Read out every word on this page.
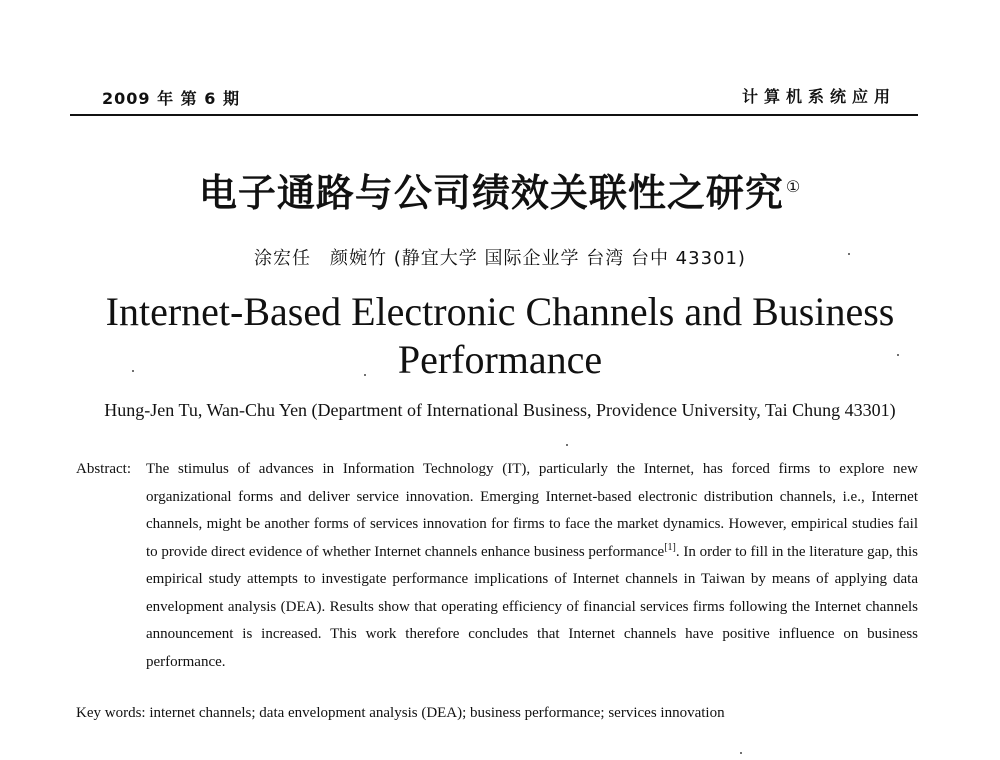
2009 年 第 6 期	计算机系统应用
电子通路与公司绩效关联性之研究 ①
涂宏任　颜婉竹 (静宜大学 国际企业学 台湾 台中 43301)
Internet-Based Electronic Channels and Business
Performance
Hung-Jen Tu, Wan-Chu Yen (Department of International Business, Providence University, Tai Chung 43301)
Abstract:	The stimulus of advances in Information Technology (IT), particularly the Internet, has forced firms to explore new organizational forms and deliver service innovation. Emerging Internet-based electronic distribution channels, i.e., Internet channels, might be another forms of services innovation for firms to face the market dynamics. However, empirical studies fail to provide direct evidence of whether Internet channels enhance business performance[1]. In order to fill in the literature gap, this empirical study attempts to investigate performance implications of Internet channels in Taiwan by means of applying data envelopment analysis (DEA). Results show that operating efficiency of financial services firms following the Internet channels announcement is increased. This work therefore concludes that Internet channels have positive influence on business performance.
Key words: internet channels; data envelopment analysis (DEA); business performance; services innovation
